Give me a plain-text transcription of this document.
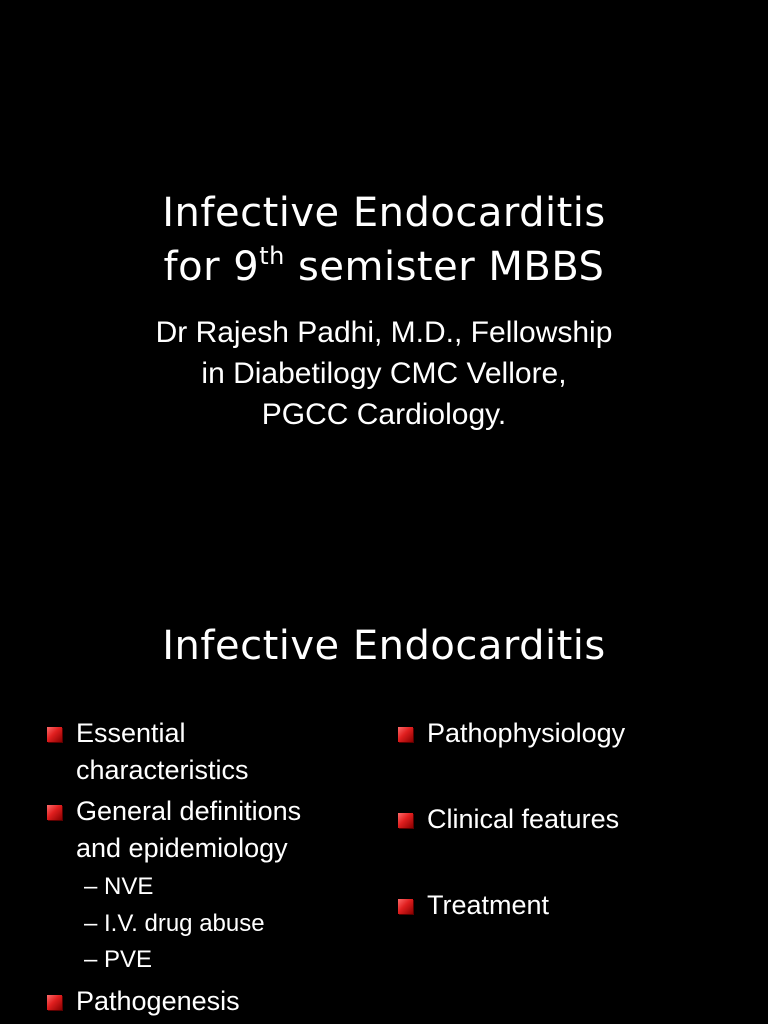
Infective Endocarditis
for 9th semister MBBS
Dr Rajesh Padhi, M.D., Fellowship
in Diabetilogy CMC Vellore,
PGCC Cardiology.
Infective Endocarditis
Essential
characteristics
General definitions
and epidemiology
– NVE
– I.V. drug abuse
– PVE
Pathogenesis
Pathophysiology
Clinical features
Treatment
